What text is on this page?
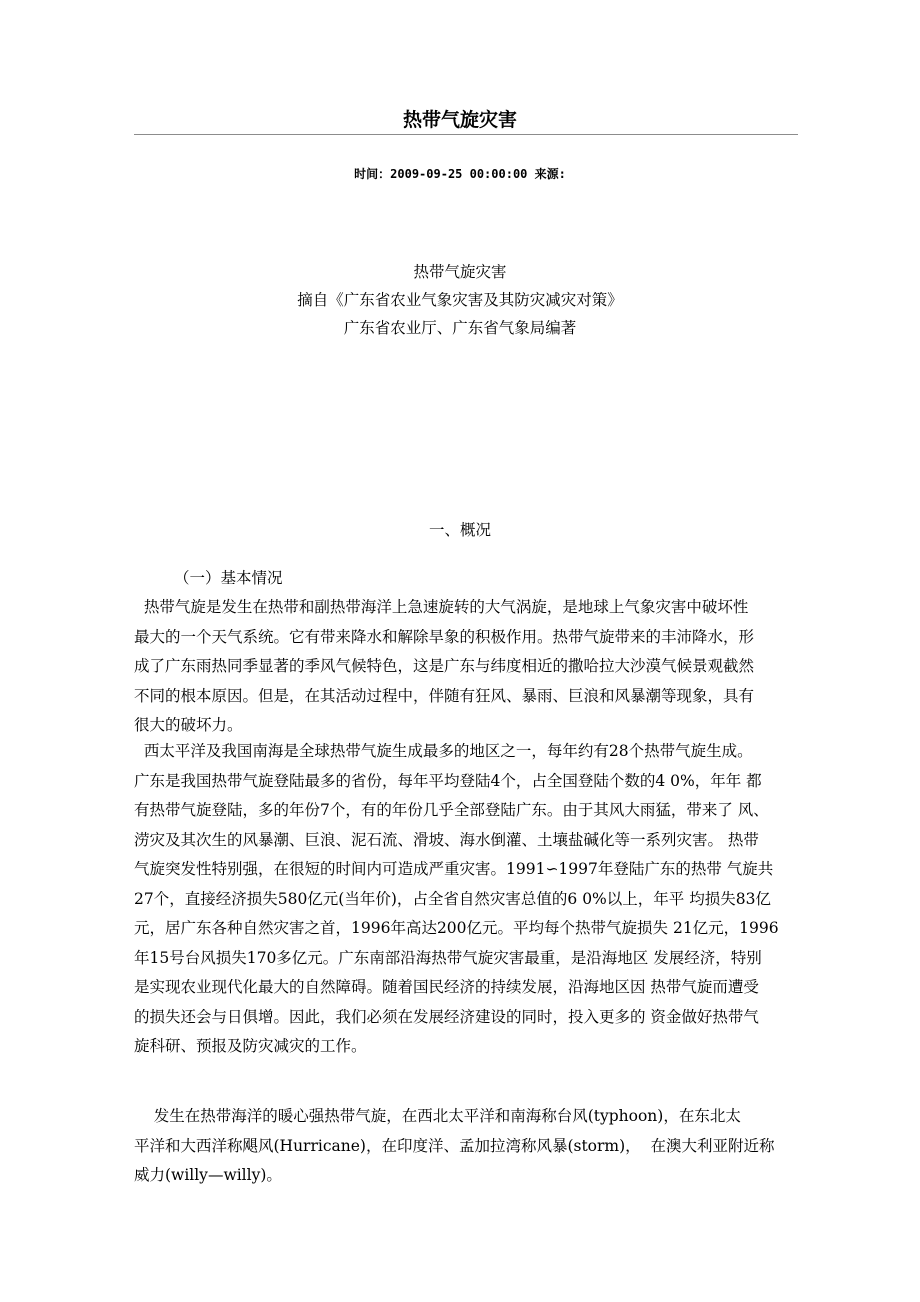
热带气旋灾害
时间：2009-09-25 00:00:00 来源:
热带气旋灾害
摘自《广东省农业气象灾害及其防灾减灾对策》
广东省农业厅、广东省气象局编著
一、概况
（一）基本情况
热带气旋是发生在热带和副热带海洋上急速旋转的大气涡旋，是地球上气象灾害中破坏性
最大的一个天气系统。它有带来降水和解除旱象的积极作用。热带气旋带来的丰沛降水，形
成了广东雨热同季显著的季风气候特色，这是广东与纬度相近的撒哈拉大沙漠气候景观截然
不同的根本原因。但是，在其活动过程中，伴随有狂风、暴雨、巨浪和风暴潮等现象，具有
很大的破坏力。
西太平洋及我国南海是全球热带气旋生成最多的地区之一，每年约有28个热带气旋生成。
广东是我国热带气旋登陆最多的省份，每年平均登陆4个，占全国登陆个数的4 0%，年年 都
有热带气旋登陆，多的年份7个，有的年份几乎全部登陆广东。由于其风大雨猛，带来了 风、
涝灾及其次生的风暴潮、巨浪、泥石流、滑坡、海水倒灌、土壤盐碱化等一系列灾害。 热带
气旋突发性特别强，在很短的时间内可造成严重灾害。1991∽1997年登陆广东的热带 气旋共
27个，直接经济损失580亿元(当年价)，占全省自然灾害总值的6 0%以上，年平 均损失83亿
元，居广东各种自然灾害之首，1996年高达200亿元。平均每个热带气旋损失 21亿元，1996
年15号台风损失170多亿元。广东南部沿海热带气旋灾害最重，是沿海地区 发展经济，特别
是实现农业现代化最大的自然障碍。随着国民经济的持续发展，沿海地区因 热带气旋而遭受
的损失还会与日俱增。因此，我们必须在发展经济建设的同时，投入更多的 资金做好热带气
旋科研、预报及防灾减灾的工作。
发生在热带海洋的暖心强热带气旋，在西北太平洋和南海称台风(typhoon)，在东北太
平洋和大西洋称飓风(Hurricane)，在印度洋、孟加拉湾称风暴(storm)，  在澳大利亚附近称
威力(willy—willy)。
